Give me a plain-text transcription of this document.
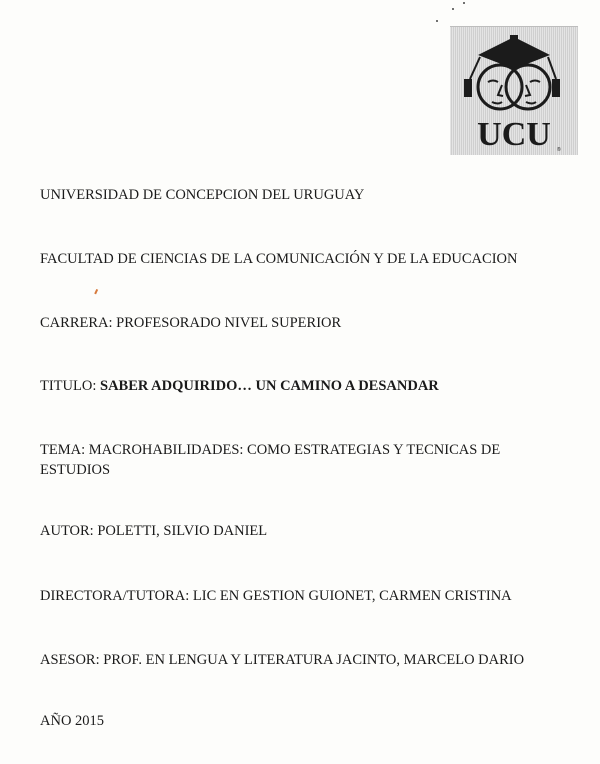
UCU ®
UNIVERSIDAD DE CONCEPCION DEL URUGUAY
FACULTAD DE CIENCIAS DE LA COMUNICACIÓN Y DE LA EDUCACION
CARRERA: PROFESORADO NIVEL SUPERIOR
TITULO: SABER ADQUIRIDO… UN CAMINO A DESANDAR
TEMA: MACROHABILIDADES: COMO ESTRATEGIAS Y TECNICAS DE ESTUDIOS
AUTOR: POLETTI, SILVIO DANIEL
DIRECTORA/TUTORA: LIC EN GESTION GUIONET, CARMEN CRISTINA
ASESOR: PROF. EN LENGUA Y LITERATURA JACINTO, MARCELO DARIO
AÑO 2015
